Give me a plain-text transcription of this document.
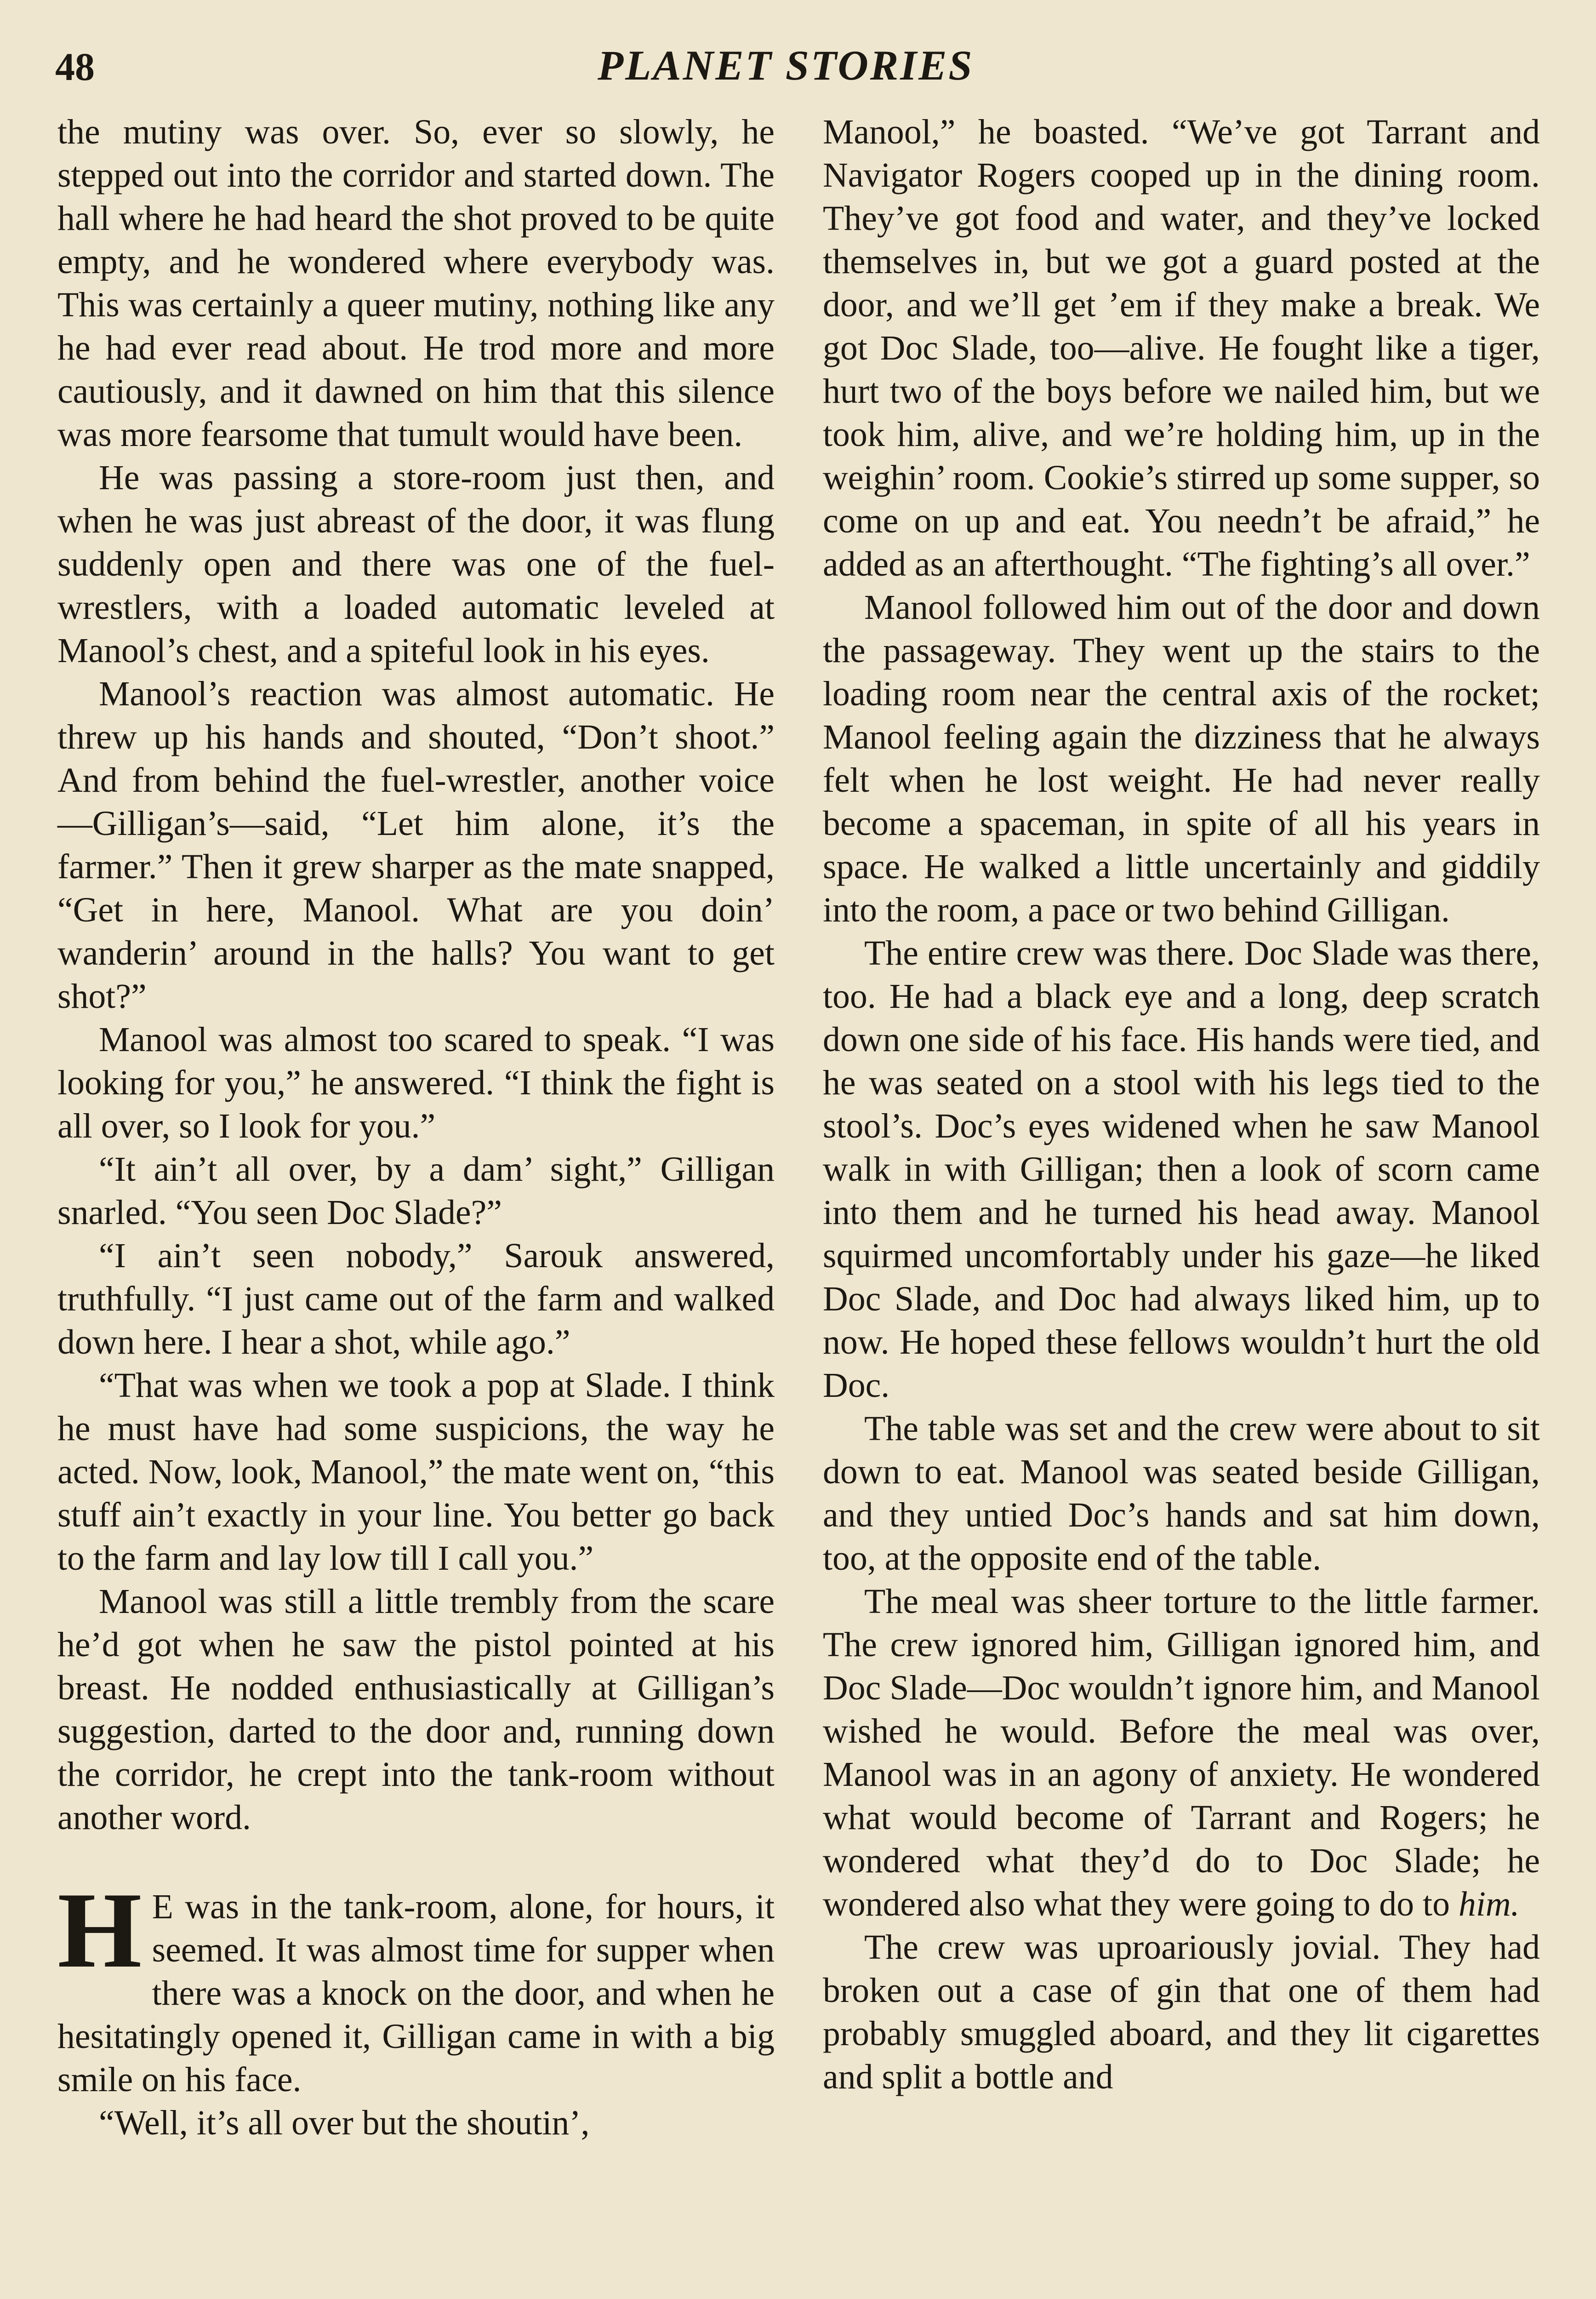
48	PLANET STORIES

the mutiny was over. So, ever so slowly, he stepped out into the corridor and started down. The hall where he had heard the shot proved to be quite empty, and he wondered where everybody was. This was certainly a queer mutiny, nothing like any he had ever read about. He trod more and more cautiously, and it dawned on him that this silence was more fearsome that tumult would have been.

He was passing a store-room just then, and when he was just abreast of the door, it was flung suddenly open and there was one of the fuel-wrestlers, with a loaded automatic leveled at Manool’s chest, and a spiteful look in his eyes.

Manool’s reaction was almost automatic. He threw up his hands and shouted, “Don’t shoot.” And from behind the fuel-wrestler, another voice—Gilligan’s—said, “Let him alone, it’s the farmer.” Then it grew sharper as the mate snapped, “Get in here, Manool. What are you doin’ wanderin’ around in the halls? You want to get shot?”

Manool was almost too scared to speak. “I was looking for you,” he answered. “I think the fight is all over, so I look for you.”

“It ain’t all over, by a dam’ sight,” Gilligan snarled. “You seen Doc Slade?”

“I ain’t seen nobody,” Sarouk answered, truthfully. “I just came out of the farm and walked down here. I hear a shot, while ago.”

“That was when we took a pop at Slade. I think he must have had some suspicions, the way he acted. Now, look, Manool,” the mate went on, “this stuff ain’t exactly in your line. You better go back to the farm and lay low till I call you.”

Manool was still a little trembly from the scare he’d got when he saw the pistol pointed at his breast. He nodded enthusiastically at Gilligan’s suggestion, darted to the door and, running down the corridor, he crept into the tank-room without another word.

H E was in the tank-room, alone, for hours, it seemed. It was almost time for supper when there was a knock on the door, and when he hesitatingly opened it, Gilligan came in with a big smile on his face.

“Well, it’s all over but the shoutin’,

Manool,” he boasted. “We’ve got Tarrant and Navigator Rogers cooped up in the dining room. They’ve got food and water, and they’ve locked themselves in, but we got a guard posted at the door, and we’ll get ’em if they make a break. We got Doc Slade, too—alive. He fought like a tiger, hurt two of the boys before we nailed him, but we took him, alive, and we’re holding him, up in the weighin’ room. Cookie’s stirred up some supper, so come on up and eat. You needn’t be afraid,” he added as an afterthought. “The fighting’s all over.”

Manool followed him out of the door and down the passageway. They went up the stairs to the loading room near the central axis of the rocket; Manool feeling again the dizziness that he always felt when he lost weight. He had never really become a spaceman, in spite of all his years in space. He walked a little uncertainly and giddily into the room, a pace or two behind Gilligan.

The entire crew was there. Doc Slade was there, too. He had a black eye and a long, deep scratch down one side of his face. His hands were tied, and he was seated on a stool with his legs tied to the stool’s. Doc’s eyes widened when he saw Manool walk in with Gilligan; then a look of scorn came into them and he turned his head away. Manool squirmed uncomfortably under his gaze—he liked Doc Slade, and Doc had always liked him, up to now. He hoped these fellows wouldn’t hurt the old Doc.

The table was set and the crew were about to sit down to eat. Manool was seated beside Gilligan, and they untied Doc’s hands and sat him down, too, at the opposite end of the table.

The meal was sheer torture to the little farmer. The crew ignored him, Gilligan ignored him, and Doc Slade—Doc wouldn’t ignore him, and Manool wished he would. Before the meal was over, Manool was in an agony of anxiety. He wondered what would become of Tarrant and Rogers; he wondered what they’d do to Doc Slade; he wondered also what they were going to do to him.

The crew was uproariously jovial. They had broken out a case of gin that one of them had probably smuggled aboard, and they lit cigarettes and split a bottle and
